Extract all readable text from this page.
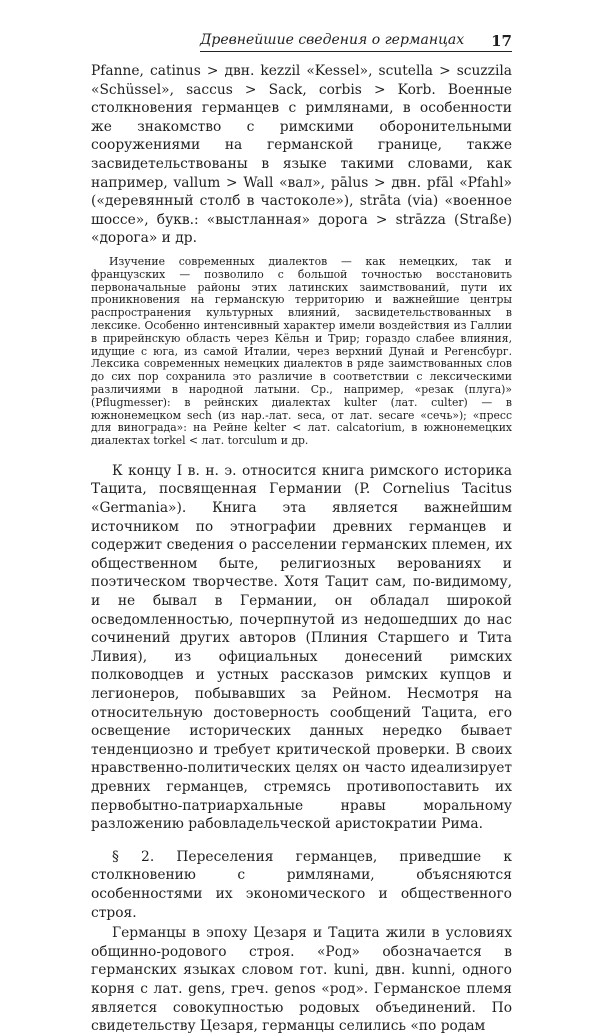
Древнейшие сведения о германцах 17

Pfanne, catinus > двн. kezzil «Kessel», scutella > scuzzila «Schüssel», saccus > Sack, corbis > Korb. Военные столкновения германцев с римлянами, в особенности же знакомство с римскими оборонительными сооружениями на германской границе, также засвидетельствованы в языке такими словами, как например, vallum > Wall «вал», pālus > двн. pfāl «Pfahl» («деревянный столб в частоколе»), strāta (via) «военное шоссе», букв.: «выстланная» дорога > strāzza (Straße) «дорога» и др.

Изучение современных диалектов — как немецких, так и французских — позволило с большой точностью восстановить первоначальные районы этих латинских заимствований, пути их проникновения на германскую территорию и важнейшие центры распространения культурных влияний, засвидетельствованных в лексике. Особенно интенсивный характер имели воздействия из Галлии в прирейнскую область через Кёльн и Трир; гораздо слабее влияния, идущие с юга, из самой Италии, через верхний Дунай и Регенсбург. Лексика современных немецких диалектов в ряде заимствованных слов до сих пор сохранила это различие в соответствии с лексическими различиями в народной латыни. Ср., например, «резак (плуга)» (Pflugmesser): в рейнских диалектах kulter (лат. culter) — в южнонемецком sech (из нар.-лат. seca, от лат. secare «сечь»); «пресс для винограда»: на Рейне kelter < лат. calcatorium, в южнонемецких диалектах torkel < лат. torculum и др.

К концу I в. н. э. относится книга римского историка Тацита, посвященная Германии (P. Cornelius Tacitus «Germania»). Книга эта является важнейшим источником по этнографии древних германцев и содержит сведения о расселении германских племен, их общественном быте, религиозных верованиях и поэтическом творчестве. Хотя Тацит сам, по-видимому, и не бывал в Германии, он обладал широкой осведомленностью, почерпнутой из недошедших до нас сочинений других авторов (Плиния Старшего и Тита Ливия), из официальных донесений римских полководцев и устных рассказов римских купцов и легионеров, побывавших за Рейном. Несмотря на относительную достоверность сообщений Тацита, его освещение исторических данных нередко бывает тенденциозно и требует критической проверки. В своих нравственно-политических целях он часто идеализирует древних германцев, стремясь противопоставить их первобытно-патриархальные нравы моральному разложению рабовладельческой аристократии Рима.

§ 2. Переселения германцев, приведшие к столкновению с римлянами, объясняются особенностями их экономического и общественного строя.

Германцы в эпоху Цезаря и Тацита жили в условиях общинно-родового строя. «Род» обозначается в германских языках словом гот. kuni, двн. kunni, одного корня с лат. gens, греч. genos «род». Германское племя является совокупностью родовых объединений. По свидетельству Цезаря, германцы селились «по родам
